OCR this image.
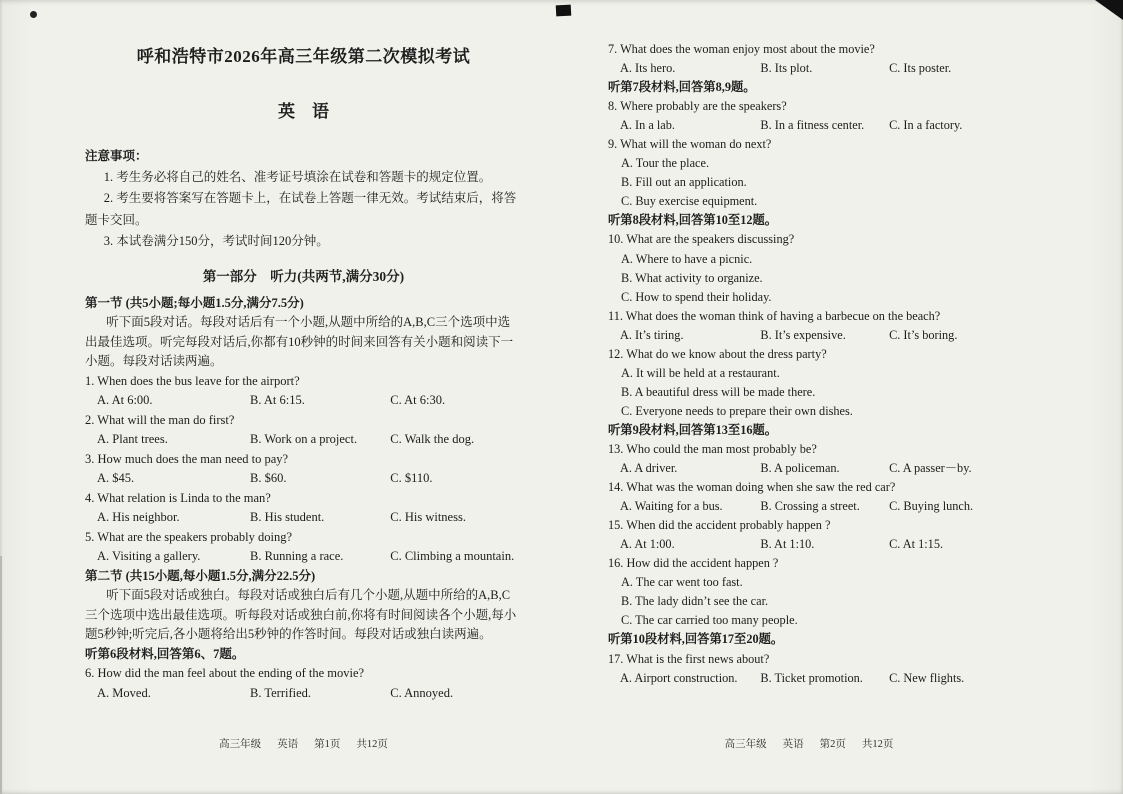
呼和浩特市2026年高三年级第二次模拟考试
英　语
注意事项：
1. 考生务必将自己的姓名、准考证号填涂在试卷和答题卡的规定位置。
2. 考生要将答案写在答题卡上，在试卷上答题一律无效。考试结束后，将答题卡交回。
3. 本试卷满分150分，考试时间120分钟。
第一部分　听力(共两节,满分30分)
第一节 (共5小题;每小题1.5分,满分7.5分)
听下面5段对话。每段对话后有一个小题,从题中所给的A,B,C三个选项中选出最佳选项。听完每段对话后,你都有10秒钟的时间来回答有关小题和阅读下一小题。每段对话读两遍。
1. When does the bus leave for the airport?
A. At 6:00.	B. At 6:15.	C. At 6:30.
2. What will the man do first?
A. Plant trees.	B. Work on a project.	C. Walk the dog.
3. How much does the man need to pay?
A. $45.	B. $60.	C. $110.
4. What relation is Linda to the man?
A. His neighbor.	B. His student.	C. His witness.
5. What are the speakers probably doing?
A. Visiting a gallery.	B. Running a race.	C. Climbing a mountain.
第二节 (共15小题,每小题1.5分,满分22.5分)
听下面5段对话或独白。每段对话或独白后有几个小题,从题中所给的A,B,C三个选项中选出最佳选项。听每段对话或独白前,你将有时间阅读各个小题,每小题5秒钟;听完后,各小题将给出5秒钟的作答时间。每段对话或独白读两遍。
听第6段材料,回答第6、7题。
6. How did the man feel about the ending of the movie?
A. Moved.	B. Terrified.	C. Annoyed.
7. What does the woman enjoy most about the movie?
A. Its hero.	B. Its plot.	C. Its poster.
听第7段材料,回答第8,9题。
8. Where probably are the speakers?
A. In a lab.	B. In a fitness center.	C. In a factory.
9. What will the woman do next?
A. Tour the place.
B. Fill out an application.
C. Buy exercise equipment.
听第8段材料,回答第10至12题。
10. What are the speakers discussing?
A. Where to have a picnic.
B. What activity to organize.
C. How to spend their holiday.
11. What does the woman think of having a barbecue on the beach?
A. It’s tiring.	B. It’s expensive.	C. It’s boring.
12. What do we know about the dress party?
A. It will be held at a restaurant.
B. A beautiful dress will be made there.
C. Everyone needs to prepare their own dishes.
听第9段材料,回答第13至16题。
13. Who could the man most probably be?
A. A driver.	B. A policeman.	C. A passer－by.
14. What was the woman doing when she saw the red car?
A. Waiting for a bus.	B. Crossing a street.	C. Buying lunch.
15. When did the accident probably happen ?
A. At 1:00.	B. At 1:10.	C. At 1:15.
16. How did the accident happen ?
A. The car went too fast.
B. The lady didn’t see the car.
C. The car carried too many people.
听第10段材料,回答第17至20题。
17. What is the first news about?
A. Airport construction.	B. Ticket promotion.	C. New flights.
高三年级 英语 第1页 共12页	高三年级 英语 第2页 共12页
